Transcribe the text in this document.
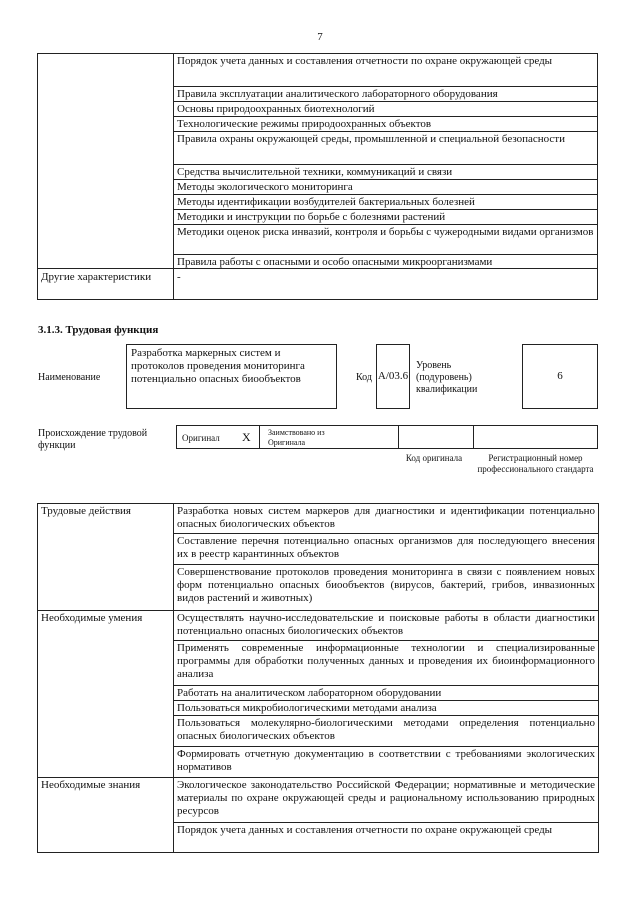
7
Порядок учета данных и составления отчетности по охране окружающей среды
Правила эксплуатации аналитического лабораторного оборудования
Основы природоохранных биотехнологий
Технологические режимы природоохранных объектов
Правила охраны окружающей среды, промышленной и специальной безопасности
Средства вычислительной техники, коммуникаций и связи
Методы экологического мониторинга
Методы идентификации возбудителей бактериальных болезней
Методики и инструкции по борьбе с болезнями растений
Методики оценок риска инвазий, контроля и борьбы с чужеродными видами организмов
Правила работы с опасными и особо опасными микроорганизмами
Другие характеристики	-
3.1.3. Трудовая функция
Наименование
Разработка маркерных систем и протоколов проведения мониторинга потенциально опасных биообъектов	Код A/03.6
Уровень (подуровень) квалификации
6
Происхождение трудовой функции
Оригинал X Заимствовано из Оригинала
Код оригинала	Регистрационный номер профессионального стандарта
Трудовые действия	Разработка новых систем маркеров для диагностики и идентификации потенциально опасных биологических объектов
Составление перечня потенциально опасных организмов для последующего внесения их в реестр карантинных объектов
Совершенствование протоколов проведения мониторинга в связи с появлением новых форм потенциально опасных биообъектов (вирусов, бактерий, грибов, инвазионных видов растений и животных)
Необходимые умения	Осуществлять научно-исследовательские и поисковые работы в области диагностики потенциально опасных биологических объектов
Применять современные информационные технологии и специализированные программы для обработки полученных данных и проведения их биоинформационного анализа
Работать на аналитическом лабораторном оборудовании
Пользоваться микробиологическими методами анализа
Пользоваться молекулярно-биологическими методами определения потенциально опасных биологических объектов
Формировать отчетную документацию в соответствии с требованиями экологических нормативов
Необходимые знания	Экологическое законодательство Российской Федерации; нормативные и методические материалы по охране окружающей среды и рациональному использованию природных ресурсов
Порядок учета данных и составления отчетности по охране окружающей среды
